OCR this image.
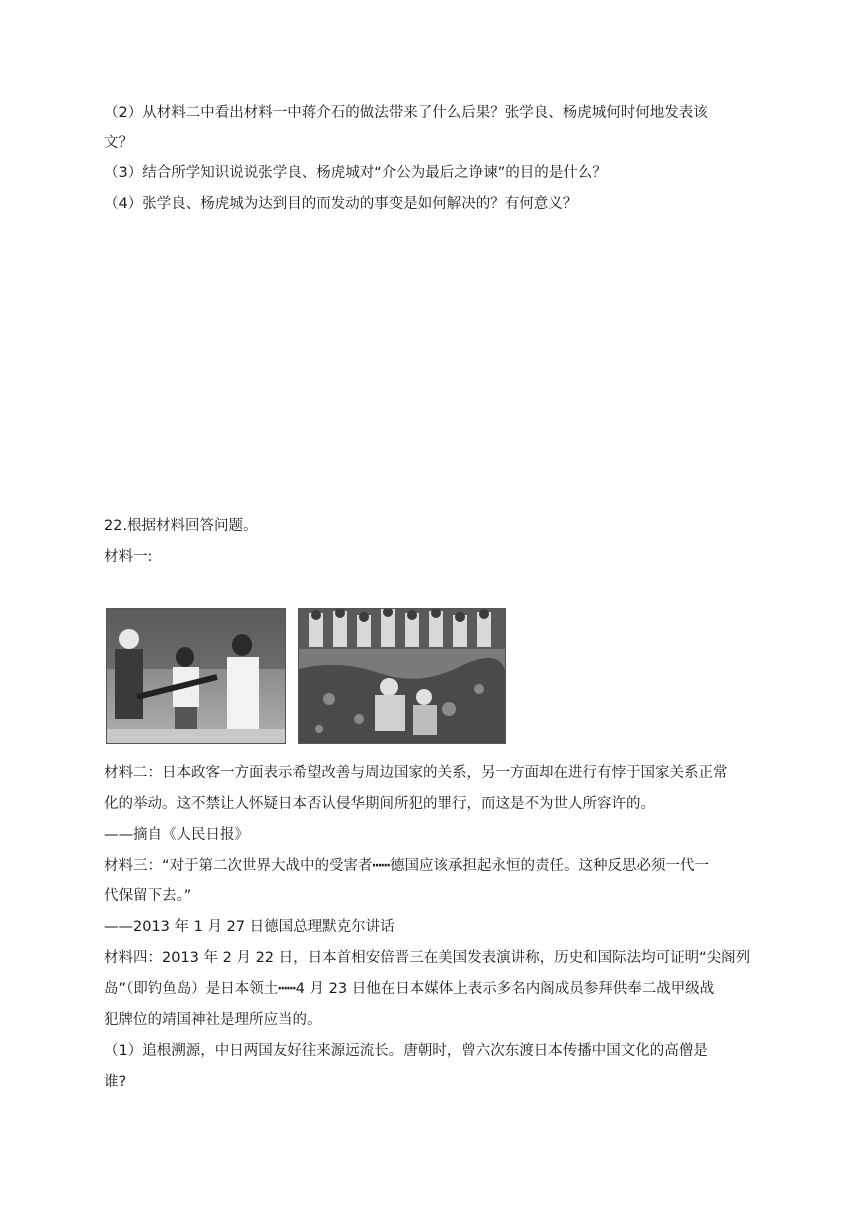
（2）从材料二中看出材料一中蒋介石的做法带来了什么后果？张学良、杨虎城何时何地发表该
文？
（3）结合所学知识说说张学良、杨虎城对“介公为最后之诤谏”的目的是什么？
（4）张学良、杨虎城为达到目的而发动的事变是如何解决的？有何意义？
22.根据材料回答问题。
材料一:
材料二：日本政客一方面表示希望改善与周边国家的关系，另一方面却在进行有悖于国家关系正常
化的举动。这不禁让人怀疑日本否认侵华期间所犯的罪行，而这是不为世人所容许的。
——摘自《人民日报》
材料三：“对于第二次世界大战中的受害者┅┅德国应该承担起永恒的责任。这种反思必须一代一
代保留下去。”
——2013 年 1 月 27 日德国总理默克尔讲话
材料四：2013 年 2 月 22 日，日本首相安倍晋三在美国发表演讲称，历史和国际法均可证明“尖阁列
岛”（即钓鱼岛）是日本领土┅┅4 月 23 日他在日本媒体上表示多名内阁成员参拜供奉二战甲级战
犯牌位的靖国神社是理所应当的。
（1）追根溯源，中日两国友好往来源远流长。唐朝时，曾六次东渡日本传播中国文化的高僧是
谁?
